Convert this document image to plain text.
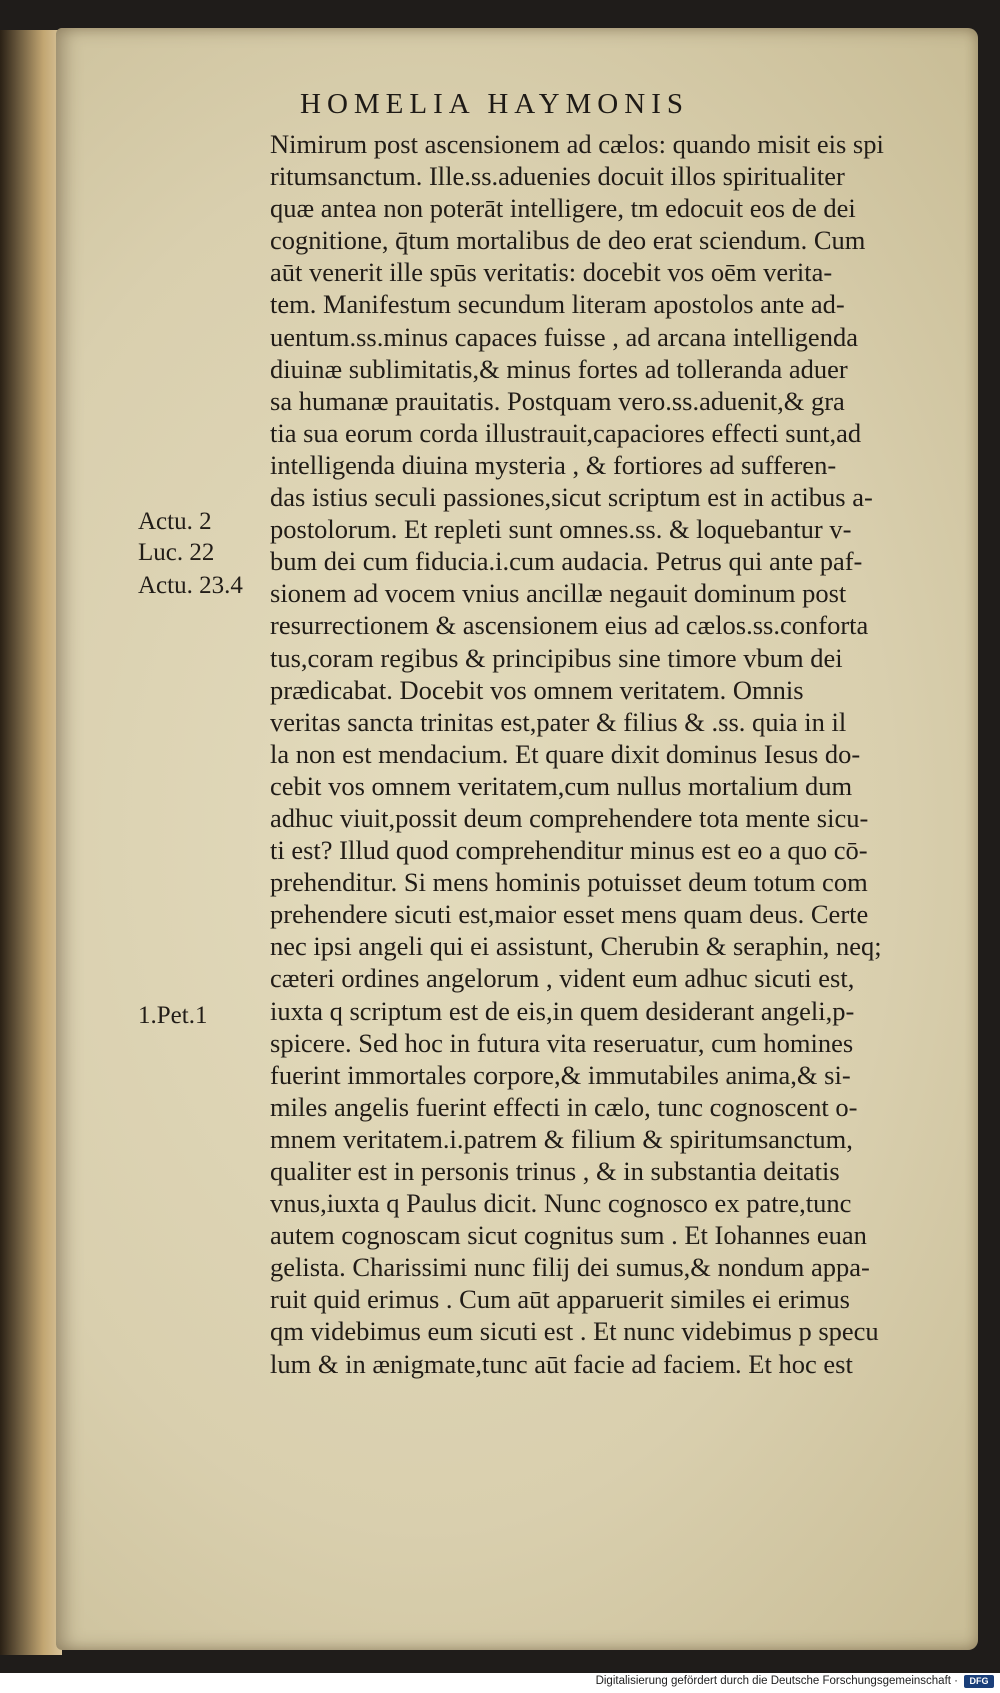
HOMELIA HAYMONIS
Actu. 2
Luc. 22
Actu. 23.4
1.Pet.1
Nimirum post ascensionem ad cælos: quando misit eis spi
ritumsanctum. Ille.ss.aduenies docuit illos spiritualiter
quæ antea non poterāt intelligere, tm edocuit eos de dei
cognitione, q̄tum mortalibus de deo erat sciendum. Cum
aūt venerit ille spūs veritatis: docebit vos oēm verita-
tem. Manifestum secundum literam apostolos ante ad-
uentum.ss.minus capaces fuisse , ad arcana intelligenda
diuinæ sublimitatis,& minus fortes ad tolleranda aduer
sa humanæ prauitatis. Postquam vero.ss.aduenit,& gra
tia sua eorum corda illustrauit,capaciores effecti sunt,ad
intelligenda diuina mysteria , & fortiores ad sufferen-
das istius seculi passiones,sicut scriptum est in actibus a-
postolorum. Et repleti sunt omnes.ss. & loquebantur v-
bum dei cum fiducia.i.cum audacia. Petrus qui ante paf-
sionem ad vocem vnius ancillæ negauit dominum post
resurrectionem & ascensionem eius ad cælos.ss.conforta
tus,coram regibus & principibus sine timore vbum dei
prædicabat. Docebit vos omnem veritatem. Omnis
veritas sancta trinitas est,pater & filius & .ss. quia in il
la non est mendacium. Et quare dixit dominus Iesus do-
cebit vos omnem veritatem,cum nullus mortalium dum
adhuc viuit,possit deum comprehendere tota mente sicu-
ti est? Illud quod comprehenditur minus est eo a quo cō-
prehenditur. Si mens hominis potuisset deum totum com
prehendere sicuti est,maior esset mens quam deus. Certe
nec ipsi angeli qui ei assistunt, Cherubin & seraphin, neq;
cæteri ordines angelorum , vident eum adhuc sicuti est,
iuxta q scriptum est de eis,in quem desiderant angeli,p-
spicere. Sed hoc in futura vita reseruatur, cum homines
fuerint immortales corpore,& immutabiles anima,& si-
miles angelis fuerint effecti in cælo, tunc cognoscent o-
mnem veritatem.i.patrem & filium & spiritumsanctum,
qualiter est in personis trinus , & in substantia deitatis
vnus,iuxta q Paulus dicit. Nunc cognosco ex patre,tunc
autem cognoscam sicut cognitus sum . Et Iohannes euan
gelista. Charissimi nunc filij dei sumus,& nondum appa-
ruit quid erimus . Cum aūt apparuerit similes ei erimus
qm videbimus eum sicuti est . Et nunc videbimus p specu
lum & in ænigmate,tunc aūt facie ad faciem. Et hoc est
Digitalisierung gefördert durch die Deutsche Forschungsgemeinschaft ·	DFG
